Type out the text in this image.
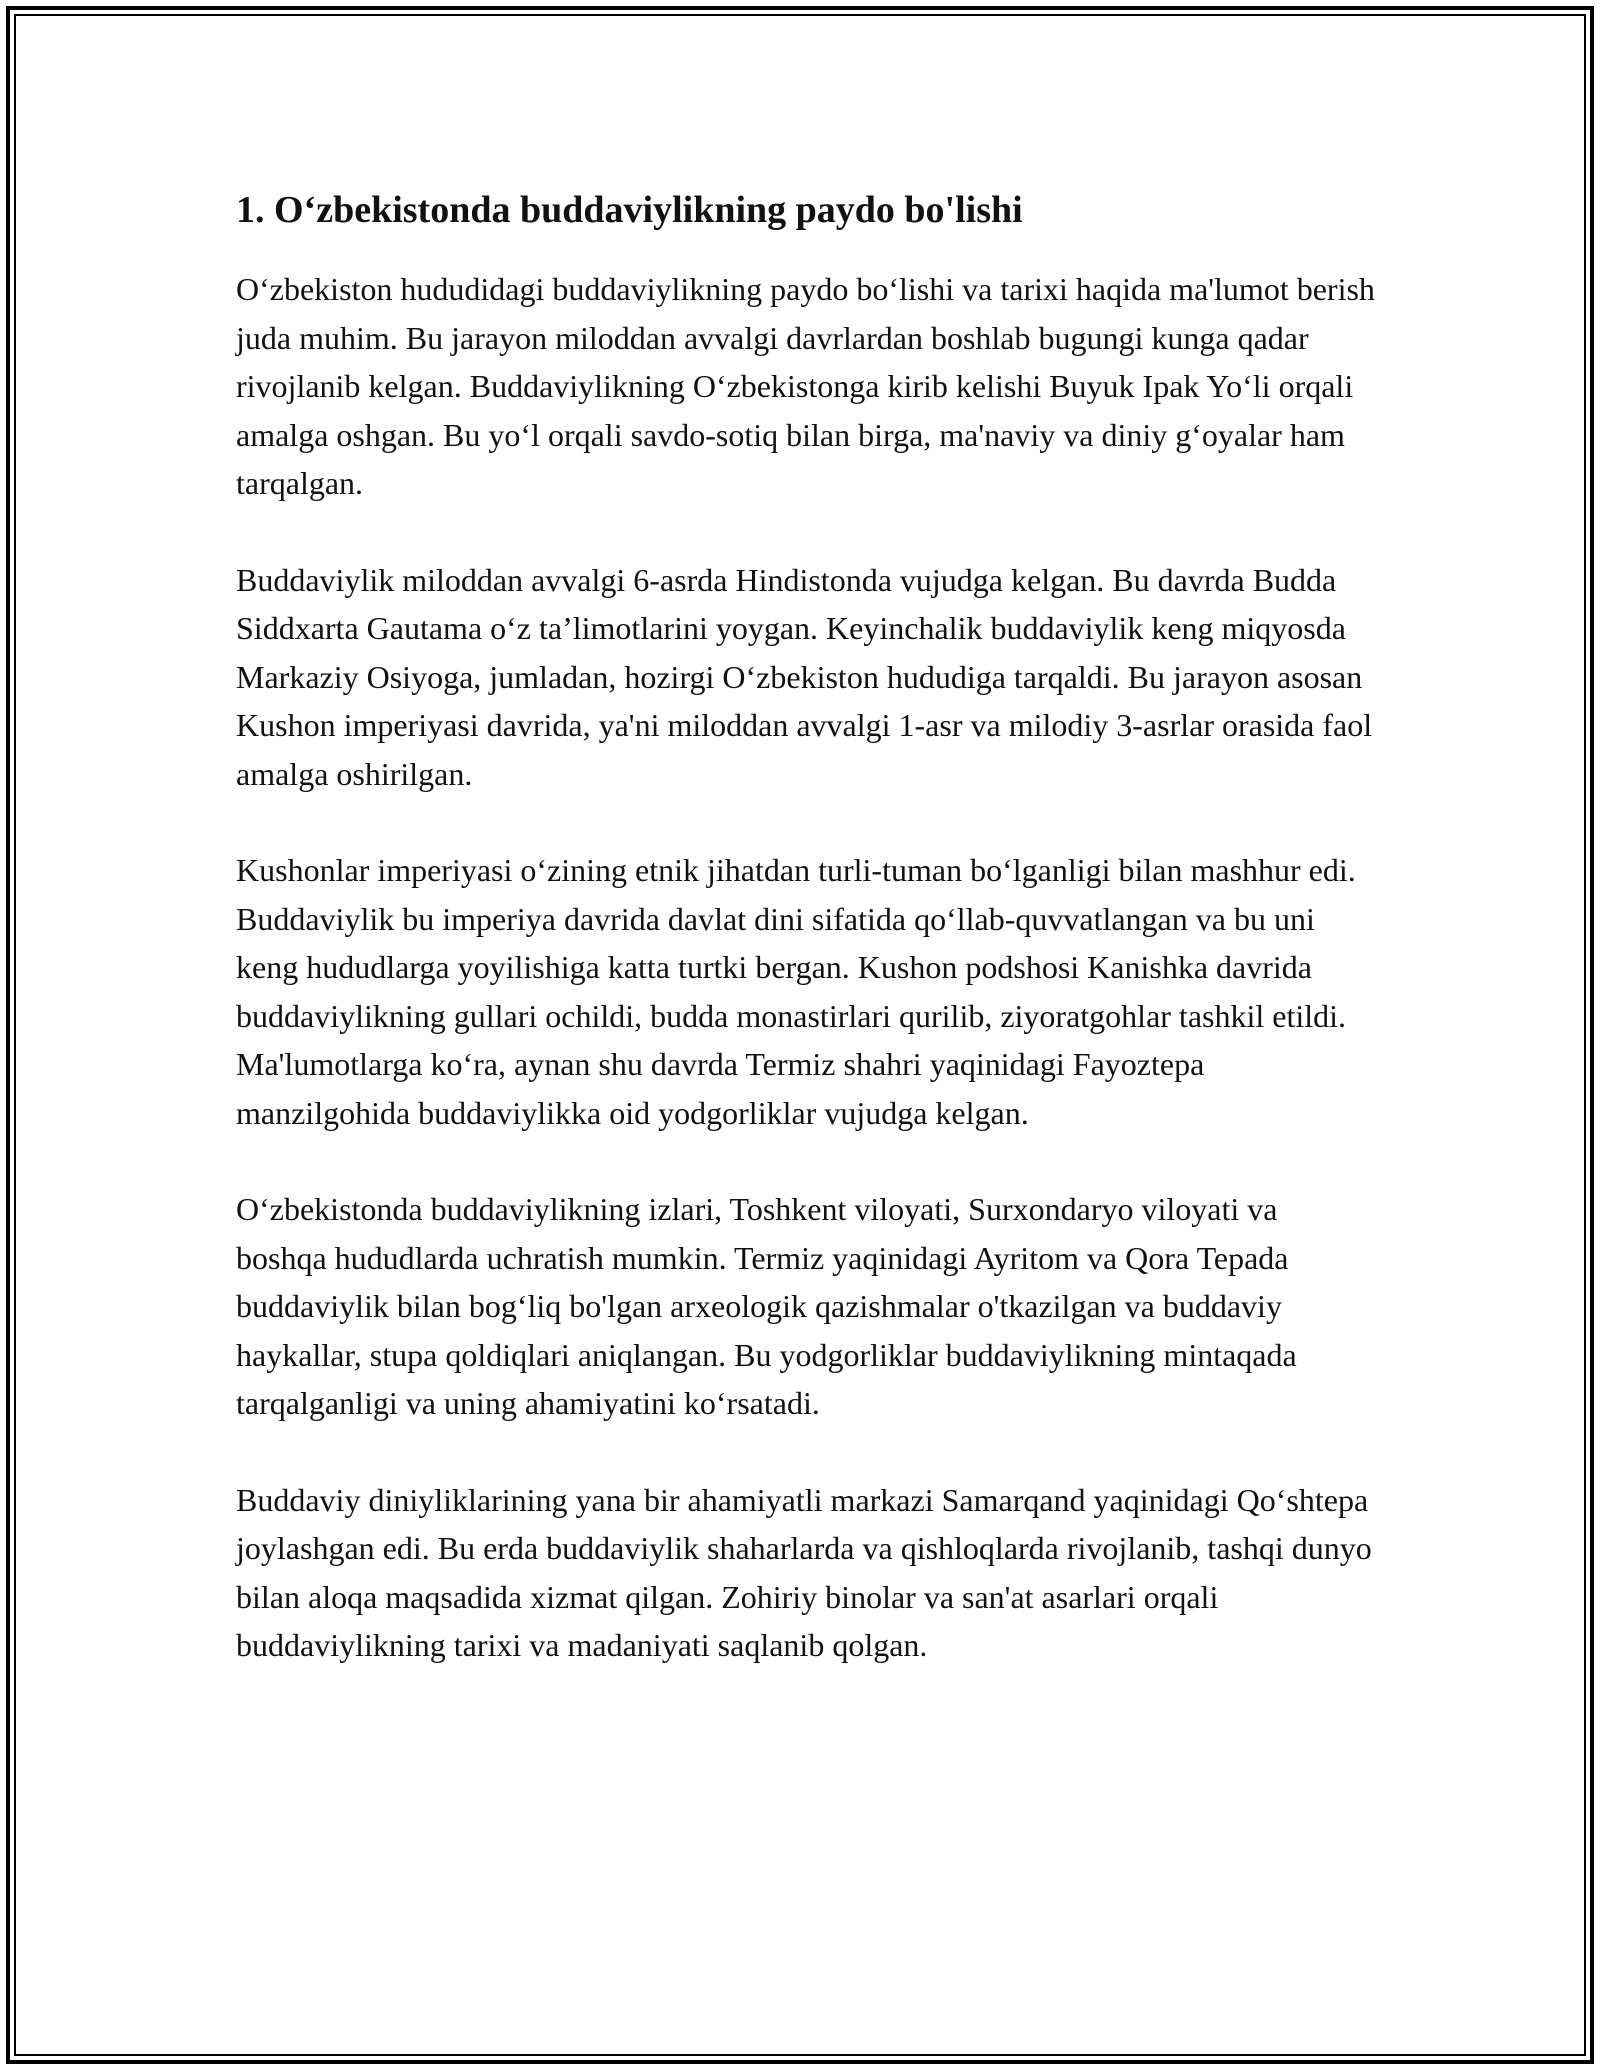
1. O‘zbekistonda buddaviylikning paydo bo'lishi

O‘zbekiston hududidagi buddaviylikning paydo bo‘lishi va tarixi haqida ma'lumot berish juda muhim. Bu jarayon miloddan avvalgi davrlardan boshlab bugungi kunga qadar rivojlanib kelgan. Buddaviylikning O‘zbekistonga kirib kelishi Buyuk Ipak Yo‘li orqali amalga oshgan. Bu yo‘l orqali savdo-sotiq bilan birga, ma'naviy va diniy g‘oyalar ham tarqalgan.

Buddaviylik miloddan avvalgi 6-asrda Hindistonda vujudga kelgan. Bu davrda Budda Siddxarta Gautama o‘z ta’limotlarini yoygan. Keyinchalik buddaviylik keng miqyosda Markaziy Osiyoga, jumladan, hozirgi O‘zbekiston hududiga tarqaldi. Bu jarayon asosan Kushon imperiyasi davrida, ya'ni miloddan avvalgi 1-asr va milodiy 3-asrlar orasida faol amalga oshirilgan.

Kushonlar imperiyasi o‘zining etnik jihatdan turli-tuman bo‘lganligi bilan mashhur edi. Buddaviylik bu imperiya davrida davlat dini sifatida qo‘llab-quvvatlangan va bu uni keng hududlarga yoyilishiga katta turtki bergan. Kushon podshosi Kanishka davrida buddaviylikning gullari ochildi, budda monastirlari qurilib, ziyoratgohlar tashkil etildi. Ma'lumotlarga ko‘ra, aynan shu davrda Termiz shahri yaqinidagi Fayoztepa manzilgohida buddaviylikka oid yodgorliklar vujudga kelgan.

O‘zbekistonda buddaviylikning izlari, Toshkent viloyati, Surxondaryo viloyati va boshqa hududlarda uchratish mumkin. Termiz yaqinidagi Ayritom va Qora Tepada buddaviylik bilan bog‘liq bo'lgan arxeologik qazishmalar o'tkazilgan va buddaviy haykallar, stupa qoldiqlari aniqlangan. Bu yodgorliklar buddaviylikning mintaqada tarqalganligi va uning ahamiyatini ko‘rsatadi.

Buddaviy diniyliklarining yana bir ahamiyatli markazi Samarqand yaqinidagi Qo‘shtepa joylashgan edi. Bu erda buddaviylik shaharlarda va qishloqlarda rivojlanib, tashqi dunyo bilan aloqa maqsadida xizmat qilgan. Zohiriy binolar va san'at asarlari orqali buddaviylikning tarixi va madaniyati saqlanib qolgan.
